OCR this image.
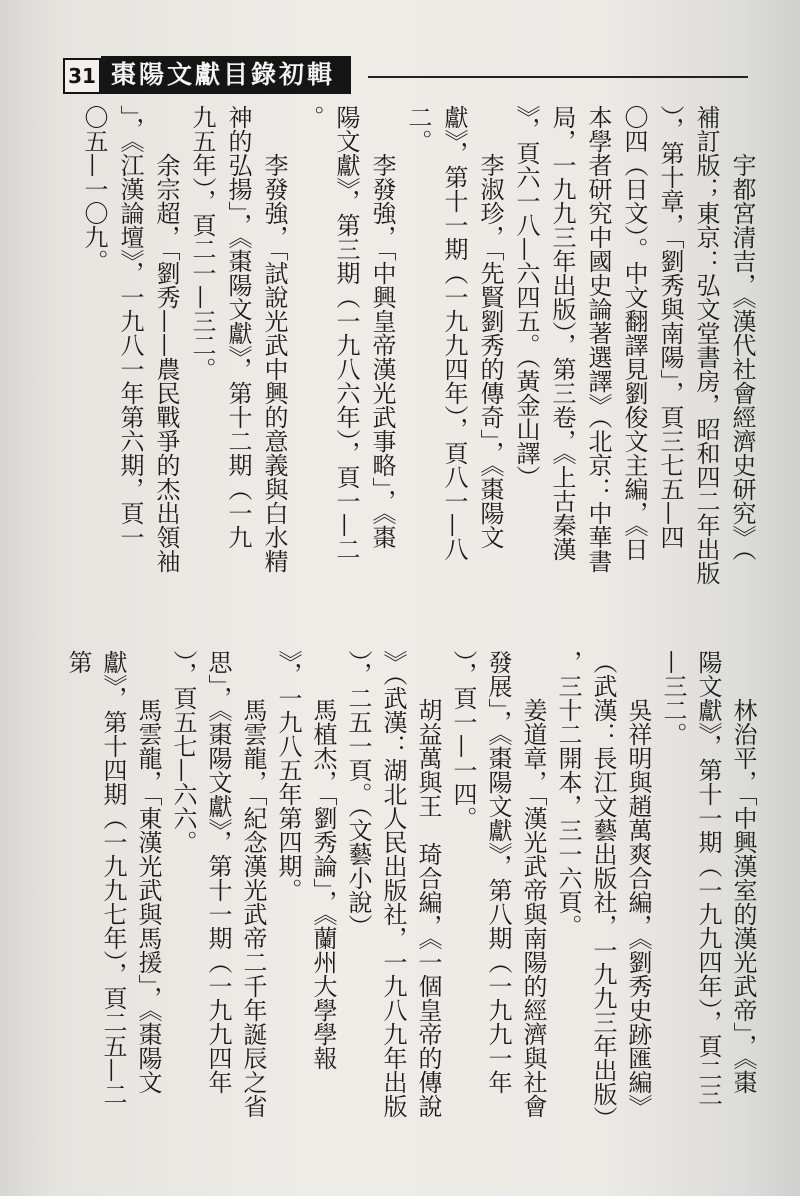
31 棗陽文獻目錄初輯
宇都宮清吉，《漢代社會經濟史研究》（
補訂版；東京：弘文堂書房，昭和四二年出版
），第十章，「劉秀與南陽」，頁三七五—四
〇四（日文）。中文翻譯見劉俊文主編，《日
本學者研究中國史論著選譯》（北京：中華書
局，一九九三年出版），第三卷，《上古秦漢
》，頁六一八—六四五。（黃金山譯）
李淑珍，「先賢劉秀的傳奇」，《棗陽文
獻》，第十一期（一九九四年），頁八一—八
二。
李發強，「中興皇帝漢光武事略」，《棗
陽文獻》，第三期（一九八六年），頁一—二
。
李發強，「試說光武中興的意義與白水精
神的弘揚」，《棗陽文獻》，第十二期（一九
九五年），頁二一—三二。
余宗超，「劉秀——農民戰爭的杰出領袖
」，《江漢論壇》，一九八一年第六期，頁一
〇五—一〇九。
林治平，「中興漢室的漢光武帝」，《棗
陽文獻》，第十一期（一九九四年），頁二三
—三二。
吳祥明與趙萬爽合編，《劉秀史跡匯編》
（武漢：長江文藝出版社，一九九三年出版）
，三十二開本，三一六頁。
姜道章，「漢光武帝與南陽的經濟與社會
發展」，《棗陽文獻》，第八期（一九九一年
），頁一—一四。
胡益萬與王　琦合編，《一個皇帝的傳說
》（武漢：湖北人民出版社，一九八九年出版
），二五一頁。（文藝小說）
馬植杰，「劉秀論」，《蘭州大學學報
》，一九八五年第四期。
馬雲龍，「紀念漢光武帝二千年誕辰之省
思」，《棗陽文獻》，第十一期（一九九四年
），頁五七—六六。
馬雲龍，「東漢光武與馬援」，《棗陽文
獻》，第十四期（一九九七年），頁二五—二
第
